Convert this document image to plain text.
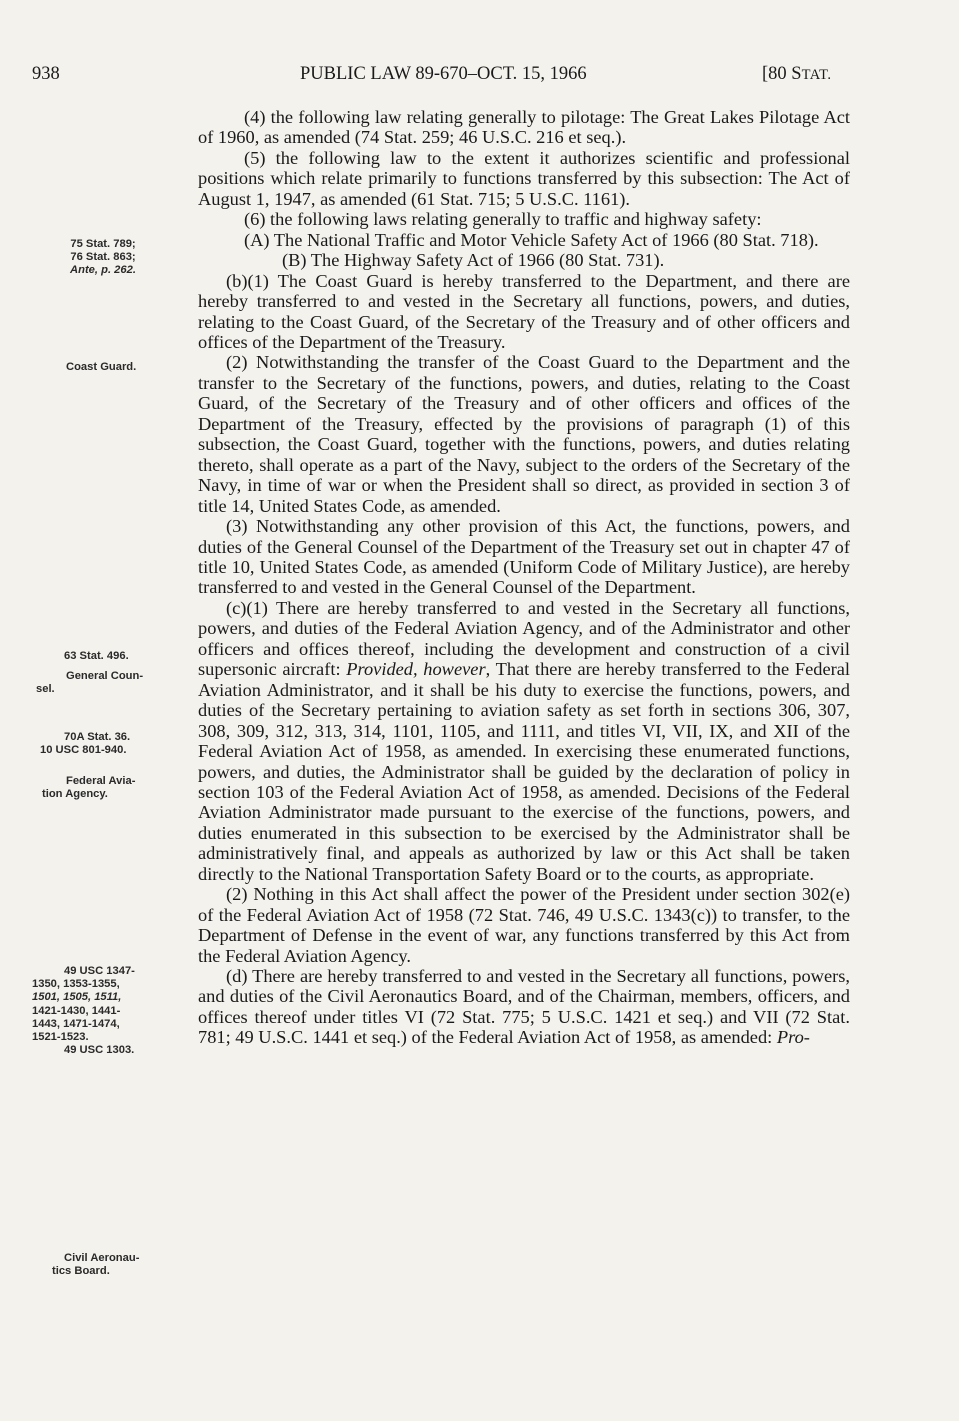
938	PUBLIC LAW 89-670–OCT. 15, 1966	[80 STAT.

(4) the following law relating generally to pilotage: The Great Lakes Pilotage Act of 1960, as amended (74 Stat. 259; 46 U.S.C. 216 et seq.).

(5) the following law to the extent it authorizes scientific and professional positions which relate primarily to functions transferred by this subsection: The Act of August 1, 1947, as amended (61 Stat. 715; 5 U.S.C. 1161).

(6) the following laws relating generally to traffic and highway safety:

(A) The National Traffic and Motor Vehicle Safety Act of 1966 (80 Stat. 718).

(B) The Highway Safety Act of 1966 (80 Stat. 731).

(b)(1) The Coast Guard is hereby transferred to the Department, and there are hereby transferred to and vested in the Secretary all functions, powers, and duties, relating to the Coast Guard, of the Secretary of the Treasury and of other officers and offices of the Department of the Treasury.

(2) Notwithstanding the transfer of the Coast Guard to the Department and the transfer to the Secretary of the functions, powers, and duties, relating to the Coast Guard, of the Secretary of the Treasury and of other officers and offices of the Department of the Treasury, effected by the provisions of paragraph (1) of this subsection, the Coast Guard, together with the functions, powers, and duties relating thereto, shall operate as a part of the Navy, subject to the orders of the Secretary of the Navy, in time of war or when the President shall so direct, as provided in section 3 of title 14, United States Code, as amended.

(3) Notwithstanding any other provision of this Act, the functions, powers, and duties of the General Counsel of the Department of the Treasury set out in chapter 47 of title 10, United States Code, as amended (Uniform Code of Military Justice), are hereby transferred to and vested in the General Counsel of the Department.

(c)(1) There are hereby transferred to and vested in the Secretary all functions, powers, and duties of the Federal Aviation Agency, and of the Administrator and other officers and offices thereof, including the development and construction of a civil supersonic aircraft: Provided, however, That there are hereby transferred to the Federal Aviation Administrator, and it shall be his duty to exercise the functions, powers, and duties of the Secretary pertaining to aviation safety as set forth in sections 306, 307, 308, 309, 312, 313, 314, 1101, 1105, and 1111, and titles VI, VII, IX, and XII of the Federal Aviation Act of 1958, as amended. In exercising these enumerated functions, powers, and duties, the Administrator shall be guided by the declaration of policy in section 103 of the Federal Aviation Act of 1958, as amended. Decisions of the Federal Aviation Administrator made pursuant to the exercise of the functions, powers, and duties enumerated in this subsection to be exercised by the Administrator shall be administratively final, and appeals as authorized by law or this Act shall be taken directly to the National Transportation Safety Board or to the courts, as appropriate.

(2) Nothing in this Act shall affect the power of the President under section 302(e) of the Federal Aviation Act of 1958 (72 Stat. 746, 49 U.S.C. 1343(c)) to transfer, to the Department of Defense in the event of war, any functions transferred by this Act from the Federal Aviation Agency.

(d) There are hereby transferred to and vested in the Secretary all functions, powers, and duties of the Civil Aeronautics Board, and of the Chairman, members, officers, and offices thereof under titles VI (72 Stat. 775; 5 U.S.C. 1421 et seq.) and VII (72 Stat. 781; 49 U.S.C. 1441 et seq.) of the Federal Aviation Act of 1958, as amended: Pro-

75 Stat. 789;
76 Stat. 863;
Ante, p. 262.
Coast Guard.
63 Stat. 496.
General Coun-
sel.
70A Stat. 36.
10 USC 801-940.
Federal Avia-
tion Agency.
49 USC 1347-
1350, 1353-1355,
1501, 1505, 1511,
1421-1430, 1441-
1443, 1471-1474,
1521-1523.
49 USC 1303.
Civil Aeronau-
tics Board.
